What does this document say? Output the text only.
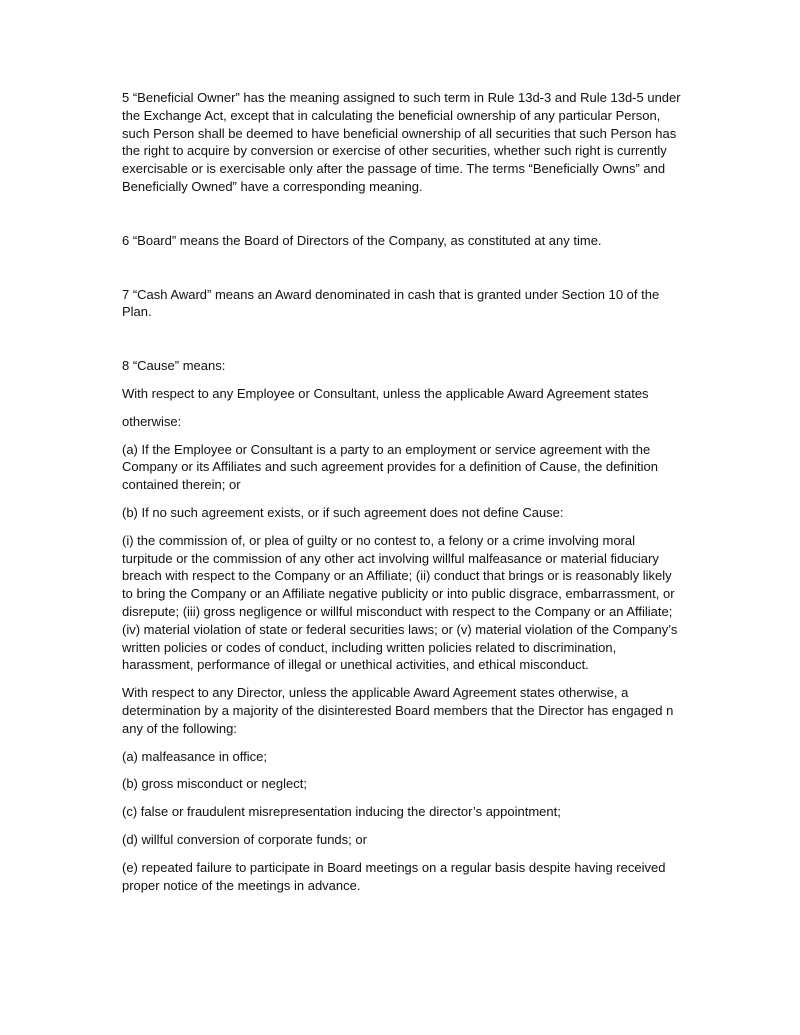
5 “Beneficial Owner” has the meaning assigned to such term in Rule 13d-3 and Rule 13d-5 under the Exchange Act, except that in calculating the beneficial ownership of any particular Person, such Person shall be deemed to have beneficial ownership of all securities that such Person has the right to acquire by conversion or exercise of other securities, whether such right is currently exercisable or is exercisable only after the passage of time. The terms “Beneficially Owns” and Beneficially Owned” have a corresponding meaning.

6 “Board” means the Board of Directors of the Company, as constituted at any time.

7 “Cash Award” means an Award denominated in cash that is granted under Section 10 of the Plan.

8 “Cause” means:

With respect to any Employee or Consultant, unless the applicable Award Agreement states

otherwise:

(a) If the Employee or Consultant is a party to an employment or service agreement with the Company or its Affiliates and such agreement provides for a definition of Cause, the definition contained therein; or

(b) If no such agreement exists, or if such agreement does not define Cause:

(i) the commission of, or plea of guilty or no contest to, a felony or a crime involving moral turpitude or the commission of any other act involving willful malfeasance or material fiduciary breach with respect to the Company or an Affiliate; (ii) conduct that brings or is reasonably likely to bring the Company or an Affiliate negative publicity or into public disgrace, embarrassment, or disrepute; (iii) gross negligence or willful misconduct with respect to the Company or an Affiliate; (iv) material violation of state or federal securities laws; or (v) material violation of the Company’s written policies or codes of conduct, including written policies related to discrimination, harassment, performance of illegal or unethical activities, and ethical misconduct.

With respect to any Director, unless the applicable Award Agreement states otherwise, a determination by a majority of the disinterested Board members that the Director has engaged n any of the following:

(a) malfeasance in office;

(b) gross misconduct or neglect;

(c) false or fraudulent misrepresentation inducing the director’s appointment;

(d) willful conversion of corporate funds; or

(e) repeated failure to participate in Board meetings on a regular basis despite having received proper notice of the meetings in advance.
